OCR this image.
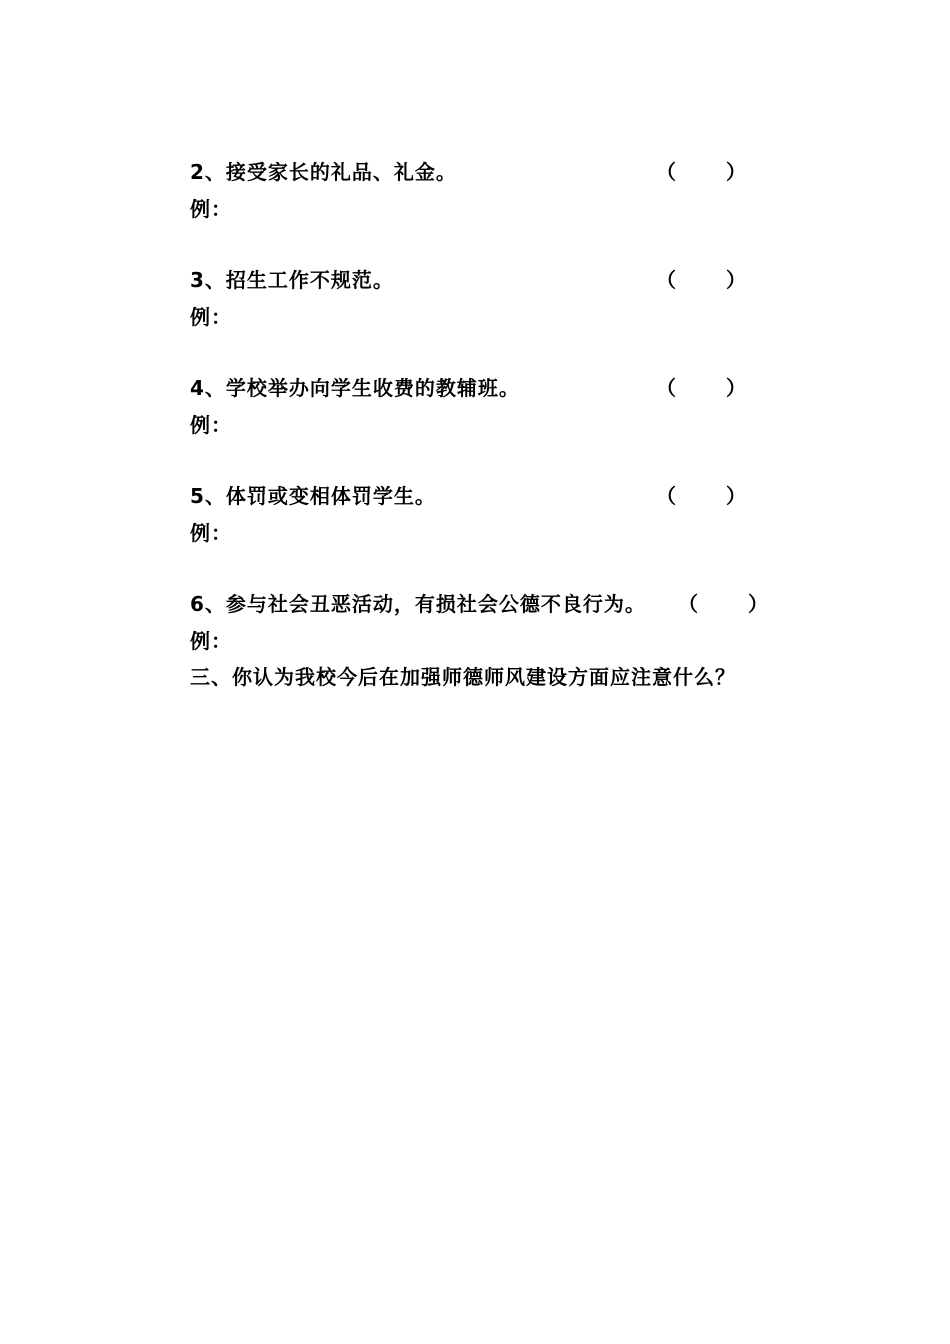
2、接受家长的礼品、礼金。	（	）
例：
3、招生工作不规范。	（	）
例：
4、学校举办向学生收费的教辅班。	（	）
例：
5、体罚或变相体罚学生。	（	）
例：
6、参与社会丑恶活动，有损社会公德不良行为。 （	）
例：
三、你认为我校今后在加强师德师风建设方面应注意什么？
